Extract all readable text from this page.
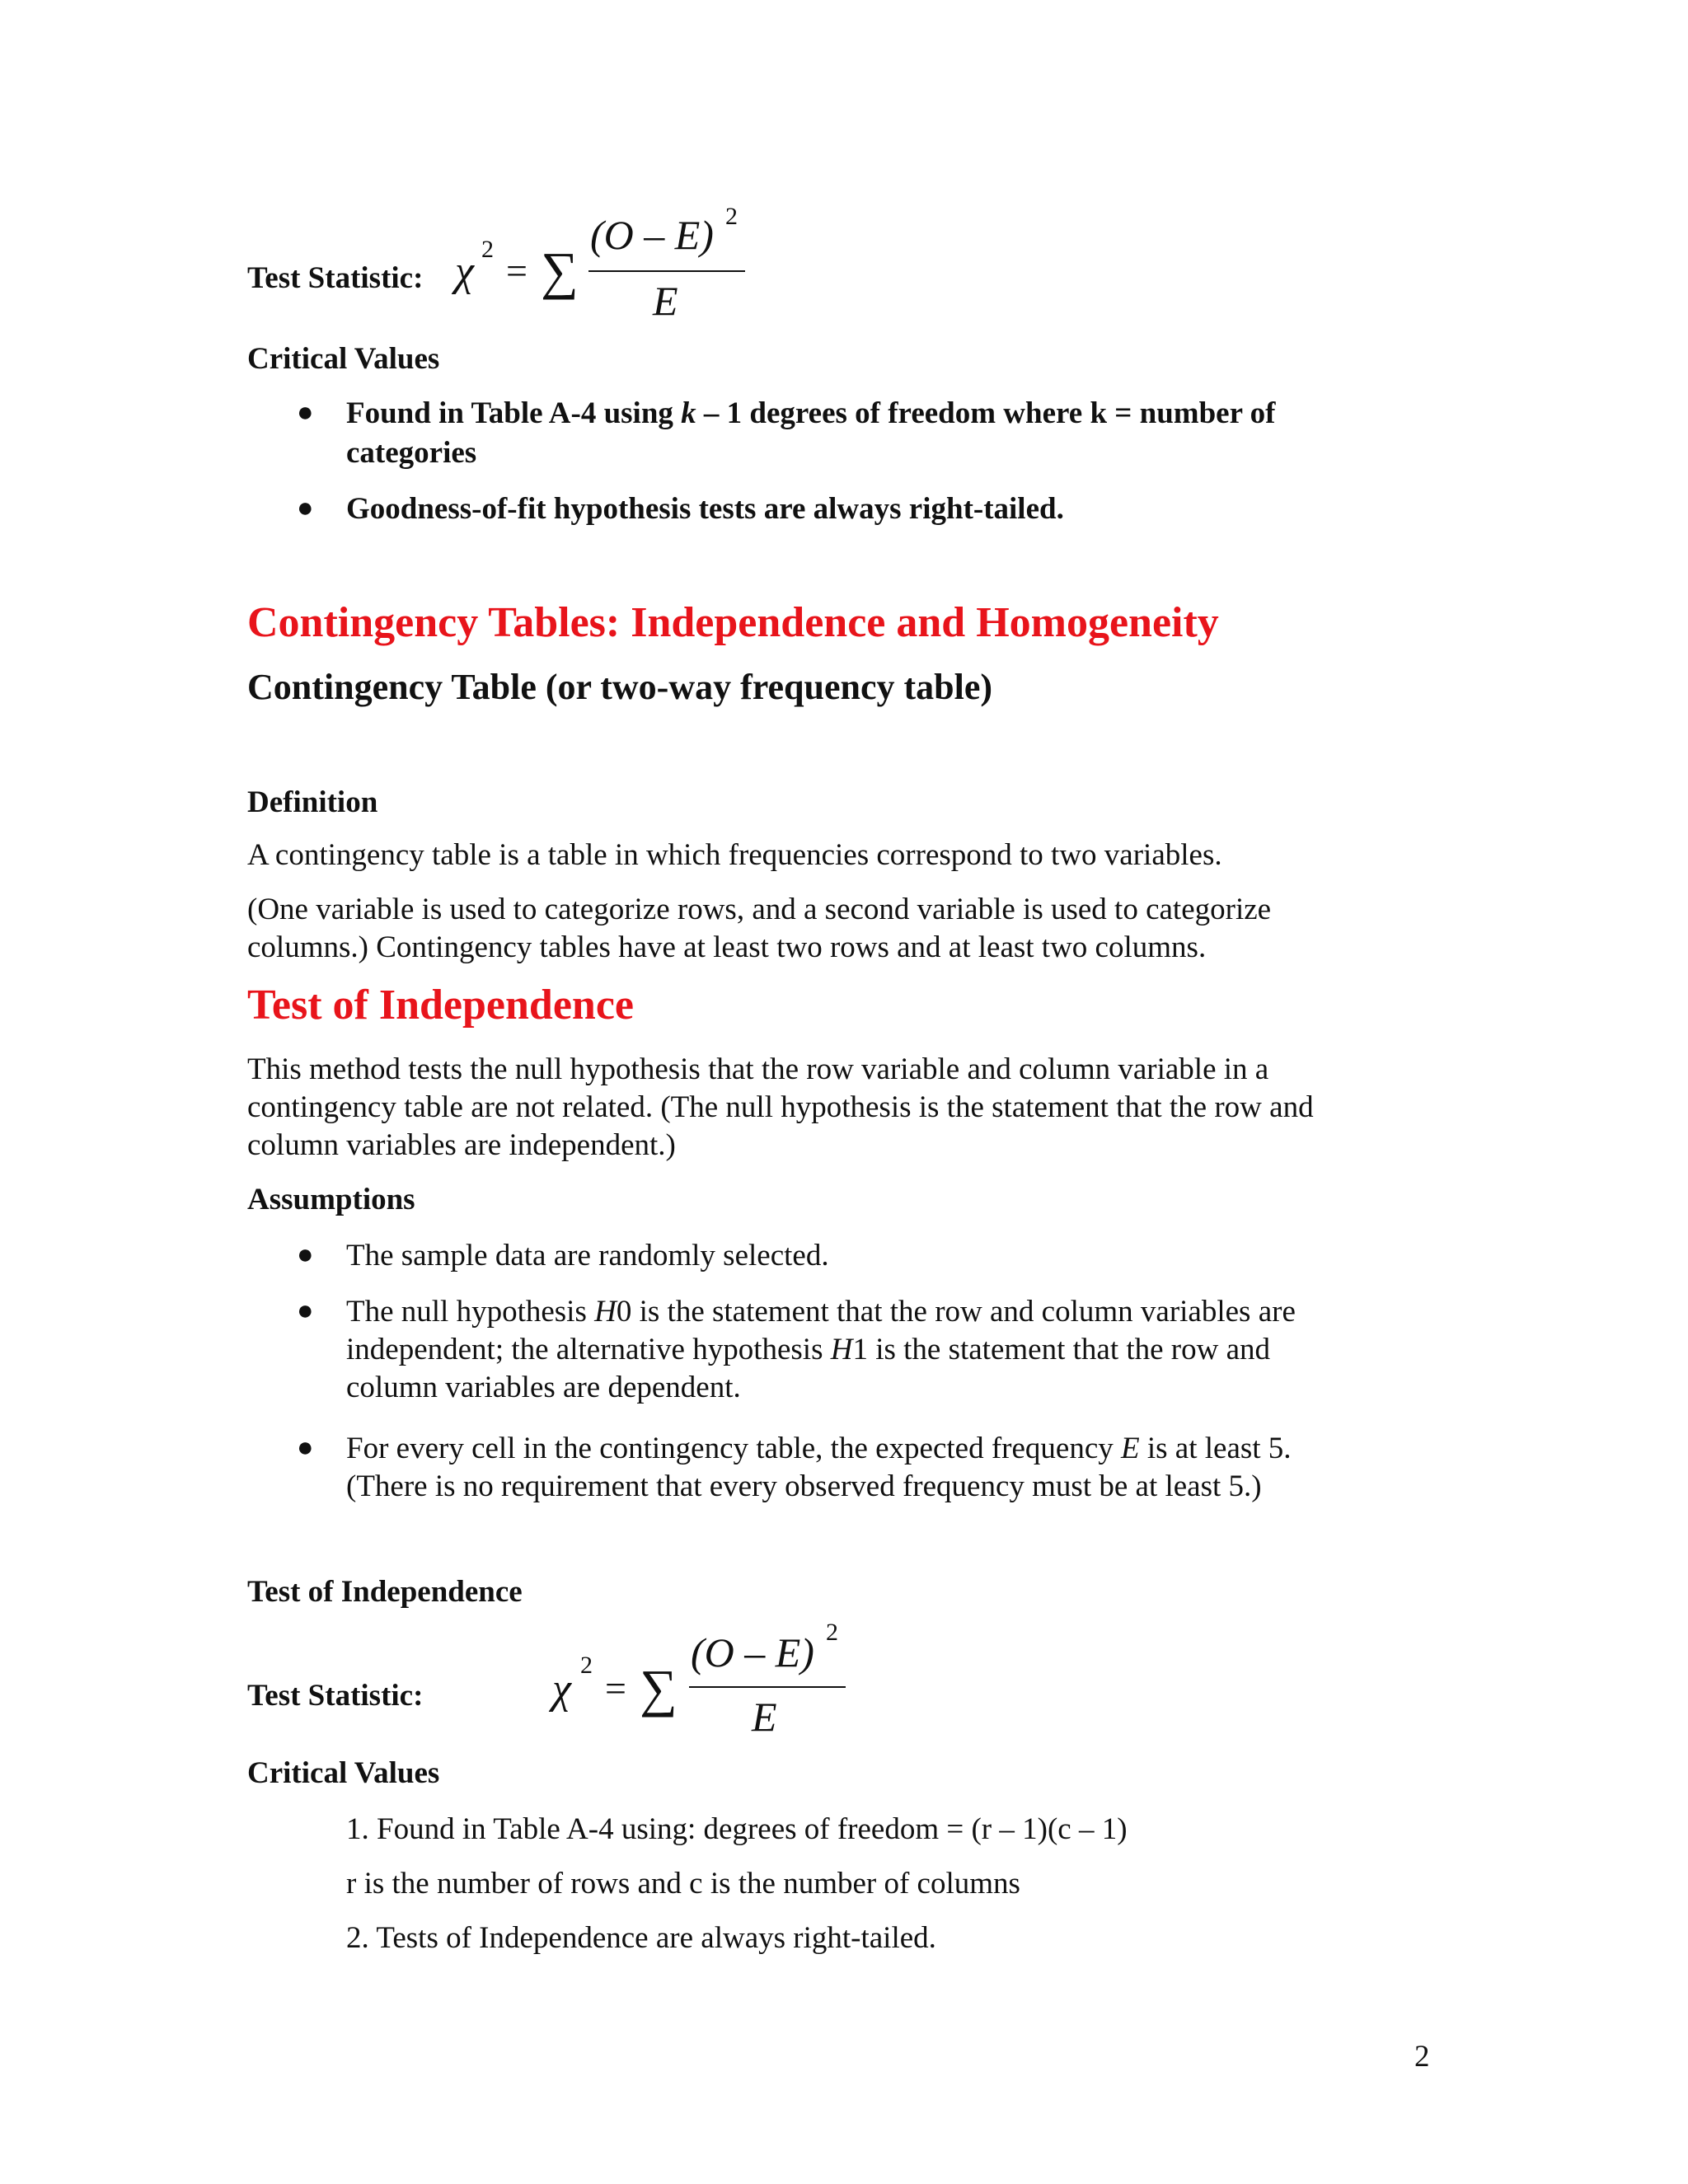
Test Statistic: χ 2
= ∑
(O – E) 2
E
Critical Values
● Found in Table A-4 using k – 1 degrees of freedom where k = number of
categories
● Goodness-of-fit hypothesis tests are always right-tailed.
Contingency Tables: Independence and Homogeneity
Contingency Table (or two-way frequency table)
Definition
A contingency table is a table in which frequencies correspond to two variables.
(One variable is used to categorize rows, and a second variable is used to categorize
columns.) Contingency tables have at least two rows and at least two columns.
Test of Independence
This method tests the null hypothesis that the row variable and column variable in a
contingency table are not related. (The null hypothesis is the statement that the row and
column variables are independent.)
Assumptions
● The sample data are randomly selected.
● The null hypothesis H0 is the statement that the row and column variables are
independent; the alternative hypothesis H1 is the statement that the row and
column variables are dependent.
● For every cell in the contingency table, the expected frequency E is at least 5.
(There is no requirement that every observed frequency must be at least 5.)
Test of Independence
Test Statistic:	χ
2
= ∑
(O – E) 2
E
Critical Values
1. Found in Table A-4 using: degrees of freedom = (r – 1)(c – 1)
r is the number of rows and c is the number of columns
2. Tests of Independence are always right-tailed.
2
